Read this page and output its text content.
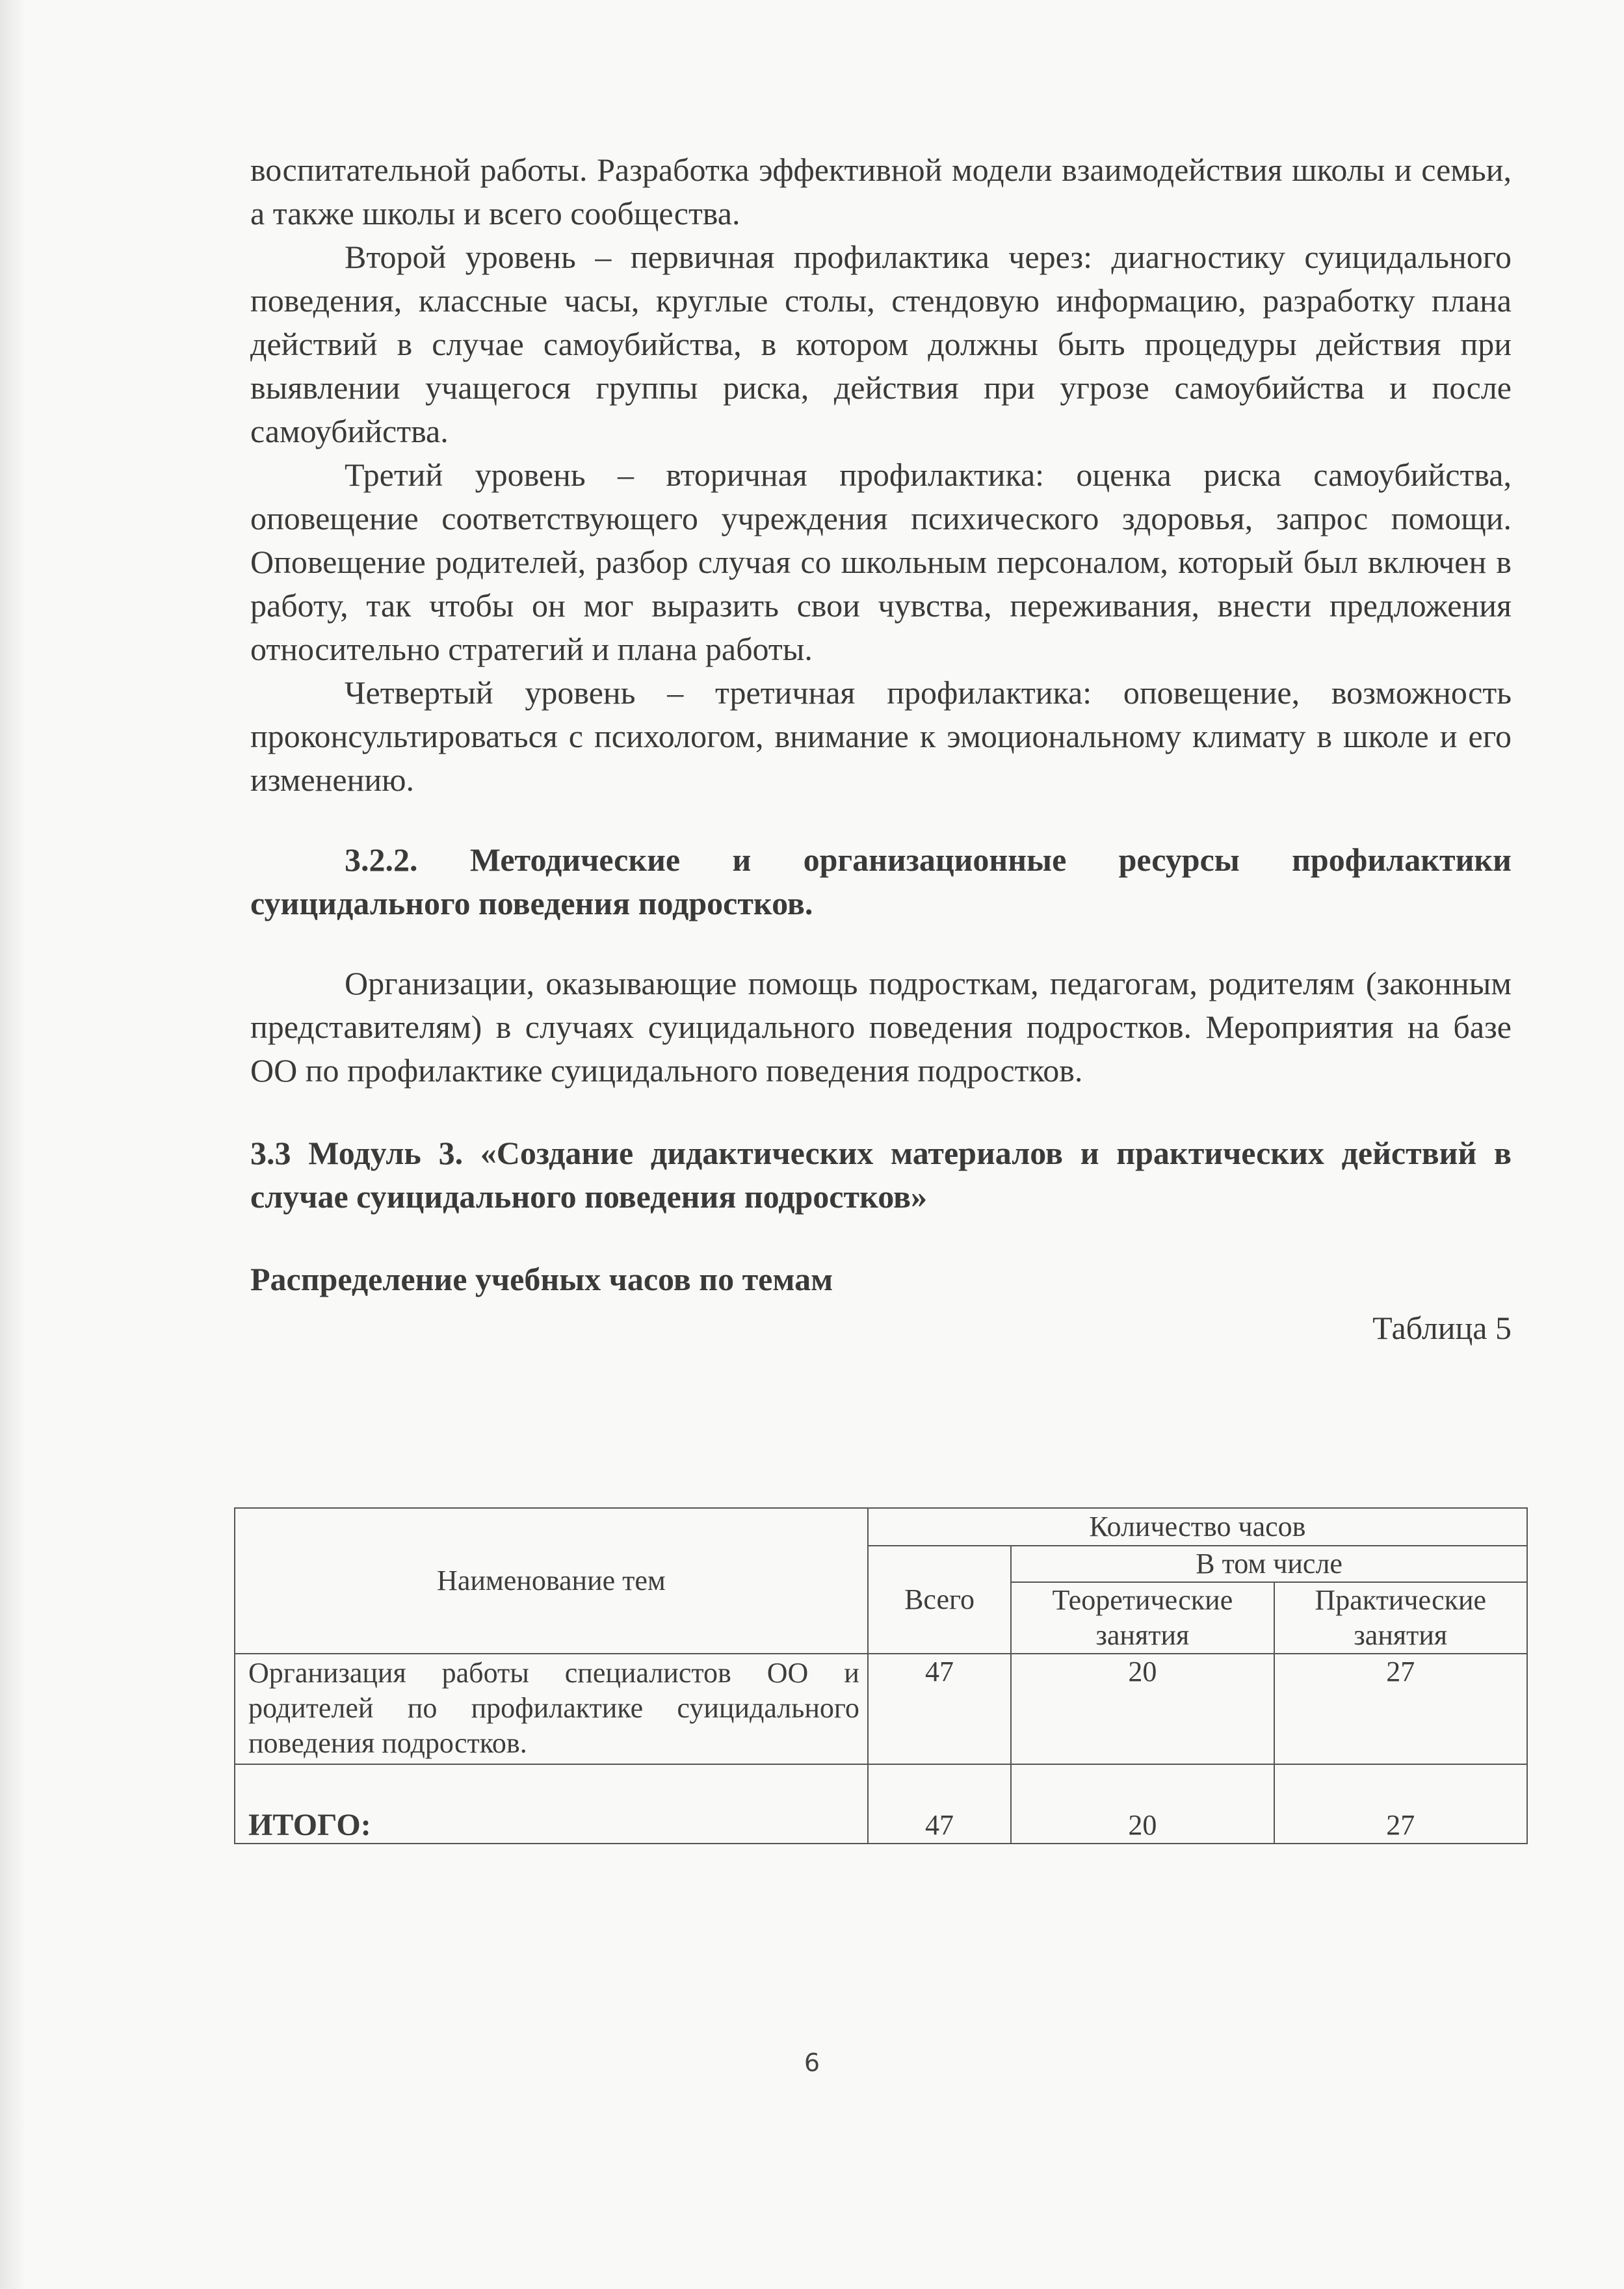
воспитательной работы. Разработка эффективной модели взаимодействия школы и семьи, а также школы и всего сообщества.

Второй уровень – первичная профилактика через: диагностику суицидального поведения, классные часы, круглые столы, стендовую информацию, разработку плана действий в случае самоубийства, в котором должны быть процедуры действия при выявлении учащегося группы риска, действия при угрозе самоубийства и после самоубийства.

Третий уровень – вторичная профилактика: оценка риска самоубийства, оповещение соответствующего учреждения психического здоровья, запрос помощи. Оповещение родителей, разбор случая со школьным персоналом, который был включен в работу, так чтобы он мог выразить свои чувства, переживания, внести предложения относительно стратегий и плана работы.

Четвертый уровень – третичная профилактика: оповещение, возможность проконсультироваться с психологом, внимание к эмоциональному климату в школе и его изменению.

3.2.2. Методические и организационные ресурсы профилактики суицидального поведения подростков.

Организации, оказывающие помощь подросткам, педагогам, родителям (законным представителям) в случаях суицидального поведения подростков. Мероприятия на базе ОО по профилактике суицидального поведения подростков.

3.3 Модуль 3. «Создание дидактических материалов и практических действий в случае суицидального поведения подростков»
Распределение учебных часов по темам
Таблица 5
Наименование тем	Количество часов		
	Всего	В том числе	
		Теоретические занятия	Практические занятия
Организация работы специалистов ОО и родителей по профилактике суицидального поведения подростков.	47	20	27
ИТОГО:	47	20	27
6
